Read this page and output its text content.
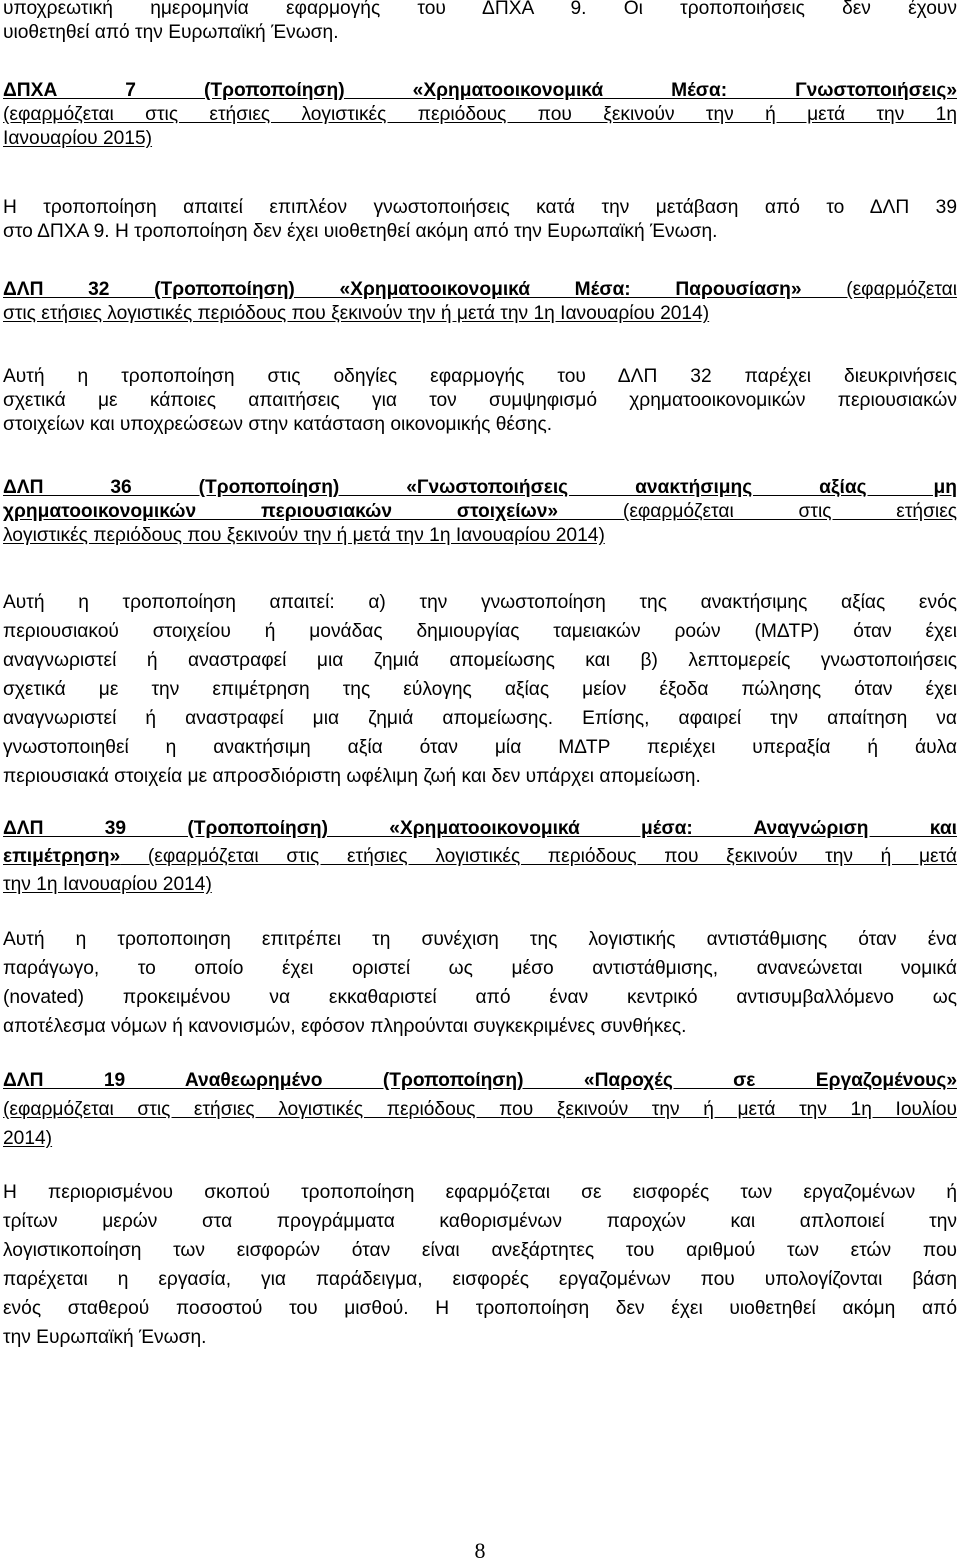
υποχρεωτική ημερομηνία εφαρμογής του ΔΠΧΑ 9. Οι τροποποιήσεις δεν έχουν
υιοθετηθεί από την Ευρωπαϊκή Ένωση.
ΔΠΧΑ 7 (Τροποποίηση) «Χρηματοοικονομικά Μέσα: Γνωστοποιήσεις»
(εφαρμόζεται στις ετήσιες λογιστικές περιόδους που ξεκινούν την ή μετά την 1η
Ιανουαρίου 2015)
Η τροποποίηση απαιτεί επιπλέον γνωστοποιήσεις κατά την μετάβαση από το ΔΛΠ 39
στο ΔΠΧΑ 9. Η τροποποίηση δεν έχει υιοθετηθεί ακόμη από την Ευρωπαϊκή Ένωση.
ΔΛΠ 32 (Τροποποίηση) «Χρηματοοικονομικά Μέσα: Παρουσίαση» (εφαρμόζεται
στις ετήσιες λογιστικές περιόδους που ξεκινούν την ή μετά την 1η Ιανουαρίου 2014)
Αυτή η τροποποίηση στις οδηγίες εφαρμογής του ΔΛΠ 32 παρέχει διευκρινήσεις
σχετικά με κάποιες απαιτήσεις για τον συμψηφισμό χρηματοοικονομικών περιουσιακών
στοιχείων και υποχρεώσεων στην κατάσταση οικονομικής θέσης.
ΔΛΠ 36 (Τροποποίηση) «Γνωστοποιήσεις ανακτήσιμης αξίας μη
χρηματοοικονομικών περιουσιακών στοιχείων» (εφαρμόζεται στις ετήσιες
λογιστικές περιόδους που ξεκινούν την ή μετά την 1η Ιανουαρίου 2014)
Αυτή η τροποποίηση απαιτεί: α) την γνωστοποίηση της ανακτήσιμης αξίας ενός
περιουσιακού στοιχείου ή μονάδας δημιουργίας ταμειακών ροών (ΜΔΤΡ) όταν έχει
αναγνωριστεί ή αναστραφεί μια ζημιά απομείωσης και β) λεπτομερείς γνωστοποιήσεις
σχετικά με την επιμέτρηση της εύλογης αξίας μείον έξοδα πώλησης όταν έχει
αναγνωριστεί ή αναστραφεί μια ζημιά απομείωσης. Επίσης, αφαιρεί την απαίτηση να
γνωστοποιηθεί η ανακτήσιμη αξία όταν μία ΜΔΤΡ περιέχει υπεραξία ή άυλα
περιουσιακά στοιχεία με απροσδιόριστη ωφέλιμη ζωή και δεν υπάρχει απομείωση.
ΔΛΠ 39 (Τροποποίηση) «Χρηματοοικονομικά μέσα: Αναγνώριση και
επιμέτρηση» (εφαρμόζεται στις ετήσιες λογιστικές περιόδους που ξεκινούν την ή μετά
την 1η Ιανουαρίου 2014)
Αυτή η τροποποιηση επιτρέπει τη συνέχιση της λογιστικής αντιστάθμισης όταν ένα
παράγωγο, το οποίο έχει οριστεί ως μέσο αντιστάθμισης, ανανεώνεται νομικά
(novated) προκειμένου να εκκαθαριστεί από έναν κεντρικό αντισυμβαλλόμενο ως
αποτέλεσμα νόμων ή κανονισμών, εφόσον πληρούνται συγκεκριμένες συνθήκες.
ΔΛΠ 19 Αναθεωρημένο (Τροποποίηση) «Παροχές σε Εργαζομένους»
(εφαρμόζεται στις ετήσιες λογιστικές περιόδους που ξεκινούν την ή μετά την 1η Ιουλίου
2014)
Η περιορισμένου σκοπού τροποποίηση εφαρμόζεται σε εισφορές των εργαζομένων ή
τρίτων μερών στα προγράμματα καθορισμένων παροχών και απλοποιεί την
λογιστικοποίηση των εισφορών όταν είναι ανεξάρτητες του αριθμού των ετών που
παρέχεται η εργασία, για παράδειγμα, εισφορές εργαζομένων που υπολογίζονται βάση
ενός σταθερού ποσοστού του μισθού. Η τροποποίηση δεν έχει υιοθετηθεί ακόμη από
την Ευρωπαϊκή Ένωση.
8
